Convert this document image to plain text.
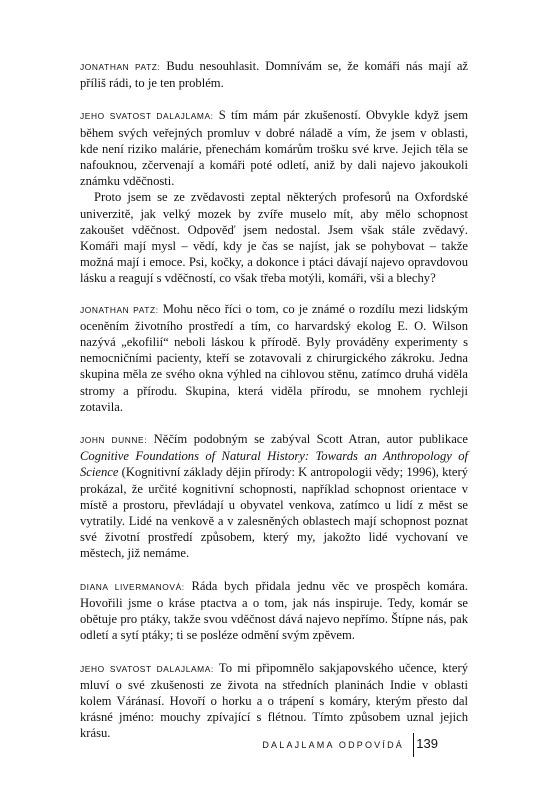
JONATHAN PATZ: Budu nesouhlasit. Domnívám se, že komáři nás mají až příliš rádi, to je ten problém.

JEHO SVATOST DALAJLAMA: S tím mám pár zkušeností. Obvykle když jsem během svých veřejných promluv v dobré náladě a vím, že jsem v oblasti, kde není riziko malárie, přenechám komárům trošku své krve. Jejich těla se nafouknou, zčervenají a komáři poté odletí, aniž by dali najevo jakoukoli známku vděčnosti.

Proto jsem se ze zvědavosti zeptal některých profesorů na Oxfordské univerzitě, jak velký mozek by zvíře muselo mít, aby mělo schopnost zakoušet vděčnost. Odpověď jsem nedostal. Jsem však stále zvědavý. Komáři mají mysl – vědí, kdy je čas se najíst, jak se pohybovat – takže možná mají i emoce. Psi, kočky, a dokonce i ptáci dávají najevo opravdovou lásku a reagují s vděčností, co však třeba motýli, komáři, vši a blechy?

JONATHAN PATZ: Mohu něco říci o tom, co je známé o rozdílu mezi lidským oceněním životního prostředí a tím, co harvardský ekolog E. O. Wilson nazývá „ekofilií“ neboli láskou k přírodě. Byly prováděny experimenty s nemocničními pacienty, kteří se zotavovali z chirurgického zákroku. Jedna skupina měla ze svého okna výhled na cihlovou stěnu, zatímco druhá viděla stromy a přírodu. Skupina, která viděla přírodu, se mnohem rychleji zotavila.

JOHN DUNNE: Něčím podobným se zabýval Scott Atran, autor publikace Cognitive Foundations of Natural History: Towards an Anthropology of Science (Kognitivní základy dějin přírody: K antropologii vědy; 1996), který prokázal, že určité kognitivní schopnosti, například schopnost orientace v místě a prostoru, převládají u obyvatel venkova, zatímco u lidí z měst se vytratily. Lidé na venkově a v zalesněných oblastech mají schopnost poznat své životní prostředí způsobem, který my, jakožto lidé vychovaní ve městech, již nemáme.

DIANA LIVERMANOVÁ: Ráda bych přidala jednu věc ve prospěch komára. Hovořili jsme o kráse ptactva a o tom, jak nás inspiruje. Tedy, komár se obětuje pro ptáky, takže svou vděčnost dává najevo nepřímo. Štípne nás, pak odletí a sytí ptáky; ti se posléze odmění svým zpěvem.

JEHO SVATOST DALAJLAMA: To mi připomnělo sakjapovského učence, který mluví o své zkušenosti ze života na středních planinách Indie v oblasti kolem Váránasí. Hovoří o horku a o trápení s komáry, kterým přesto dal krásné jméno: mouchy zpívající s flétnou. Tímto způsobem uznal jejich krásu.

DALAJLAMA ODPOVÍDÁ 139
